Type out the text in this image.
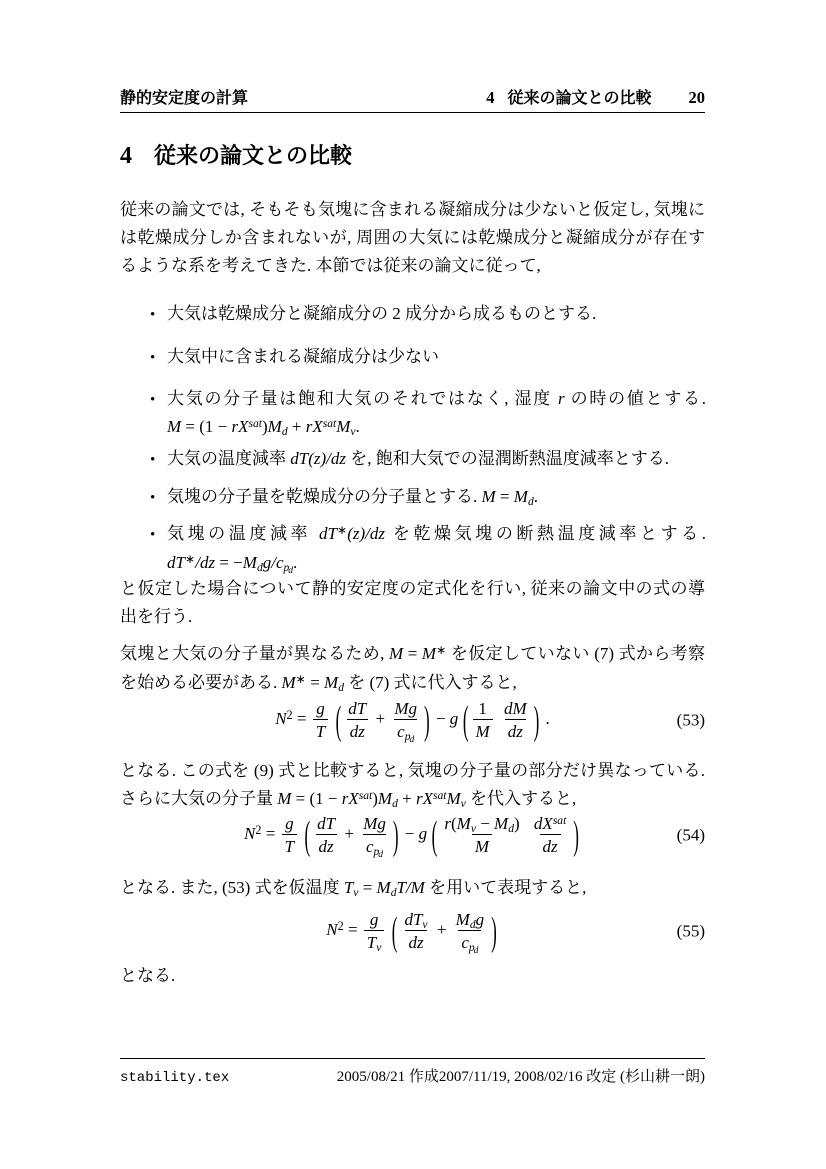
静的安定度の計算	4 従来の論文との比較 20
4 従来の論文との比較

従来の論文では, そもそも気塊に含まれる凝縮成分は少ないと仮定し, 気塊には乾燥成分しか含まれないが, 周囲の大気には乾燥成分と凝縮成分が存在するような系を考えてきた. 本節では従来の論文に従って,

•
大気は乾燥成分と凝縮成分の 2 成分から成るものとする.
•
大気中に含まれる凝縮成分は少ない
•
大気の分子量は飽和大気のそれではなく, 湿度 r の時の値とする. $M = (1 - rX^{sat})Md + rX^{sat}Mv$.
•
大気の温度減率 dT(z)/dz を, 飽和大気での湿潤断熱温度減率とする.
•
気塊の分子量を乾燥成分の分子量とする. M = Md.
•
気塊の温度減率 dT∗(z)/dz を乾燥気塊の断熱温度減率とする. $dT^∗/dz = -Mdg/cp_d$.

と仮定した場合について静的安定度の定式化を行い, 従来の論文中の式の導出を行う.

気塊と大気の分子量が異なるため, M = M∗ を仮定していない (7) 式から考察を始める必要がある. M∗ = Md を (7) 式に代入すると,

$N^2 = \frac{g}{T}$ ( $\frac{dT}{dz} + \frac{Mg}{cp_d}$ ) − g ( $\frac{1}{M} \frac{dM}{dz}$ ) .	(53)

となる. この式を (9) 式と比較すると, 気塊の分子量の部分だけ異なっている. さらに大気の分子量 $M = (1 - rX^{sat})Md + rX^{sat}Mv$ を代入すると,

$N^2 = \frac{g}{T}$ ( $\frac{dT}{dz} + \frac{Mg}{cp_d}$ ) − g ( $\frac{r(Mv - Md)}{M} \frac{dX^{sat}}{dz}$ )	(54)

となる. また, (53) 式を仮温度 Tv = MdT/M を用いて表現すると,

$N^2 = \frac{g}{Tv}$ ( $\frac{\text{dTv}}{dz} + \frac{\text{Mdg}}{cp_d}$ )	(55)

となる.

stability.tex	2005/08/21 作成2007/11/19, 2008/02/16 改定 (杉山耕一朗)
